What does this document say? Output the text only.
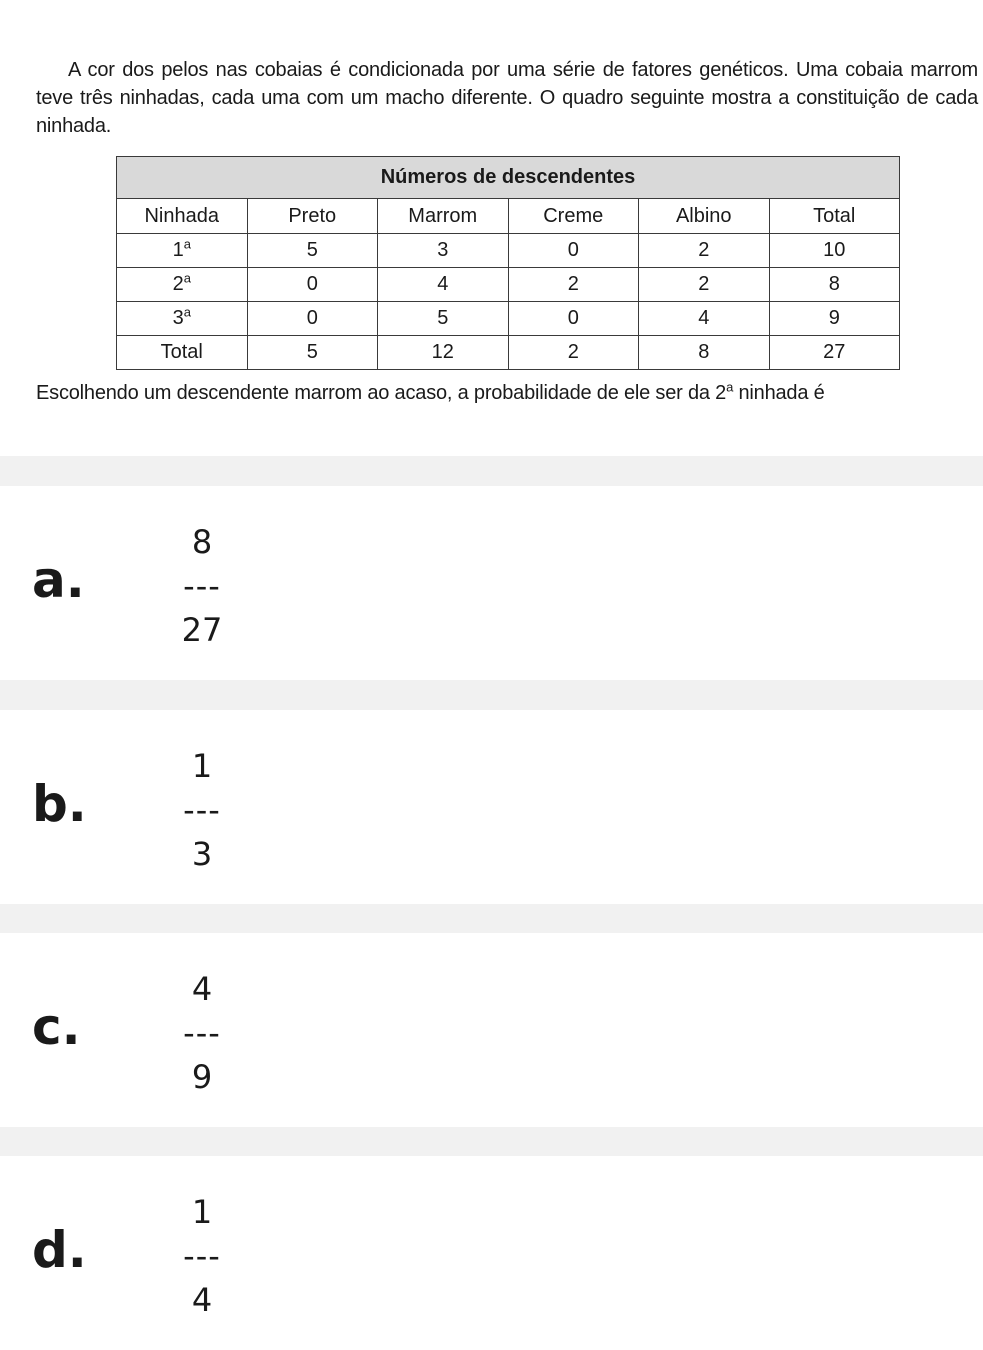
A cor dos pelos nas cobaias é condicionada por uma série de fatores genéticos. Uma cobaia marrom teve três ninhadas, cada uma com um macho diferente. O quadro seguinte mostra a constituição de cada ninhada.
Números de descendentes					
Ninhada	Preto	Marrom	Creme	Albino	Total
1$^a$	5	3	0	2	10
2$^a$	0	4	2	2	8
3$^a$	0	5	0	4	9
Total	5	12	2	8	27
Escolhendo um descendente marrom ao acaso, a probabilidade de ele ser da 2$^a$ ninhada é
a.
8
---
27
b.
1
---
3
c.
4
---
9
d.
1
---
4
